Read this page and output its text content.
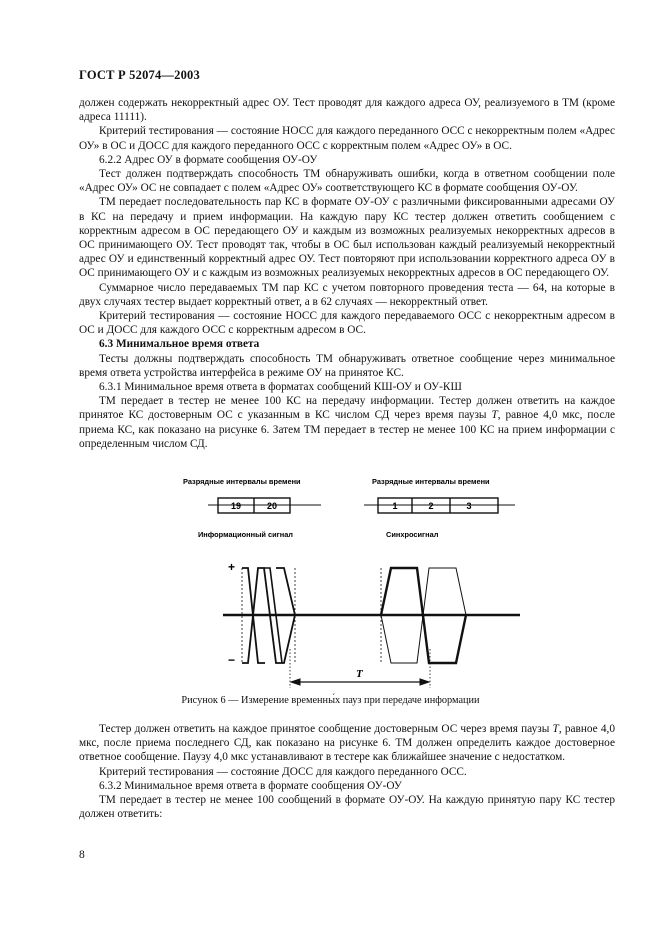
ГОСТ Р 52074—2003

должен содержать некорректный адрес ОУ. Тест проводят для каждого адреса ОУ, реализуемого в ТМ (кроме адреса 11111).

Критерий тестирования — состояние НОСС для каждого переданного ОСС с некорректным полем «Адрес ОУ» в ОС и ДОСС для каждого переданного ОСС с корректным полем «Адрес ОУ» в ОС.

6.2.2 Адрес ОУ в формате сообщения ОУ-ОУ

Тест должен подтверждать способность ТМ обнаруживать ошибки, когда в ответном сообщении поле «Адрес ОУ» ОС не совпадает с полем «Адрес ОУ» соответствующего КС в формате сообщения ОУ-ОУ.

ТМ передает последовательность пар КС в формате ОУ-ОУ с различными фиксированными адресами ОУ в КС на передачу и прием информации. На каждую пару КС тестер должен ответить сообщением с корректным адресом в ОС передающего ОУ и каждым из возможных реализуемых некорректных адресов в ОС принимающего ОУ. Тест проводят так, чтобы в ОС был использован каждый реализуемый некорректный адрес ОУ и единственный корректный адрес ОУ. Тест повторяют при использовании корректного адреса ОУ в ОС принимающего ОУ и с каждым из возможных реализуемых некорректных адресов в ОС передающего ОУ.

Суммарное число передаваемых ТМ пар КС с учетом повторного проведения теста — 64, на которые в двух случаях тестер выдает корректный ответ, а в 62 случаях — некорректный ответ.

Критерий тестирования — состояние НОСС для каждого передаваемого ОСС с некорректным адресом в ОС и ДОСС для каждого ОСС с корректным адресом в ОС.

6.3 Минимальное время ответа

Тесты должны подтверждать способность ТМ обнаруживать ответное сообщение через минимальное время ответа устройства интерфейса в режиме ОУ на принятое КС.

6.3.1 Минимальное время ответа в форматах сообщений КШ-ОУ и ОУ-КШ

ТМ передает в тестер не менее 100 КС на передачу информации. Тестер должен ответить на каждое принятое КС достоверным ОС с указанным в КС числом СД через время паузы T, равное 4,0 мкс, после приема КС, как показано на рисунке 6. Затем ТМ передает в тестер не менее 100 КС на прием информации с определенным числом СД.

Разрядные интервалы времени	Разрядные интервалы времени
19	20	1	2	3
Информационный сигнал	Синхросигнал
+
−
T
Рисунок 6 — Измерение временны́х пауз при передаче информации

Тестер должен ответить на каждое принятое сообщение достоверным ОС через время паузы T, равное 4,0 мкс, после приема последнего СД, как показано на рисунке 6. ТМ должен определить каждое достоверное ответное сообщение. Паузу 4,0 мкс устанавливают в тестере как ближайшее значение с недостатком.

Критерий тестирования — состояние ДОСС для каждого переданного ОСС.

6.3.2 Минимальное время ответа в формате сообщения ОУ-ОУ

ТМ передает в тестер не менее 100 сообщений в формате ОУ-ОУ. На каждую принятую пару КС тестер должен ответить:

8
